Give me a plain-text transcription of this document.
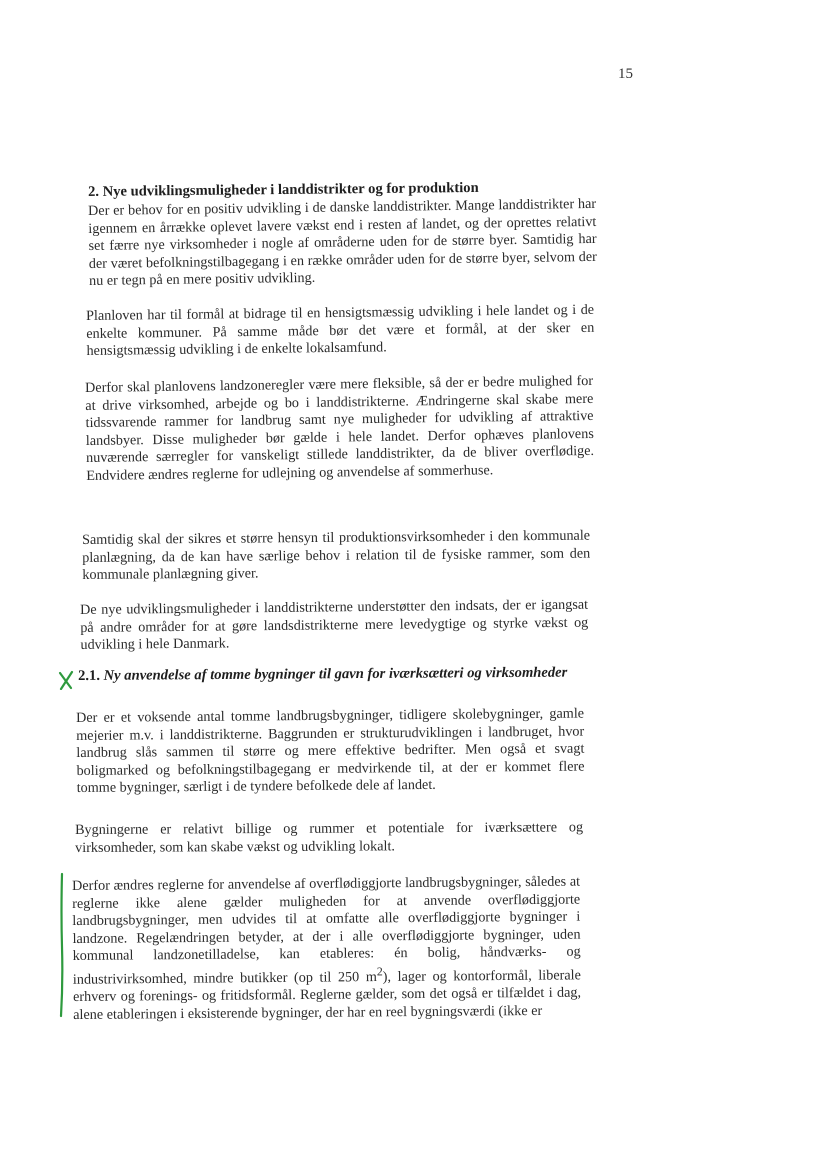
15
2. Nye udviklingsmuligheder i landdistrikter og for produktion

Der er behov for en positiv udvikling i de danske landdistrikter. Mange landdistrikter har igennem en årrække oplevet lavere vækst end i resten af landet, og der oprettes relativt set færre nye virksomheder i nogle af områderne uden for de større byer. Samtidig har der været befolkningstilbagegang i en række områder uden for de større byer, selvom der nu er tegn på en mere positiv udvikling.

Planloven har til formål at bidrage til en hensigtsmæssig udvikling i hele landet og i de enkelte kommuner. På samme måde bør det være et formål, at der sker en hensigtsmæssig udvikling i de enkelte lokalsamfund.

Derfor skal planlovens landzoneregler være mere fleksible, så der er bedre mulighed for at drive virksomhed, arbejde og bo i landdistrikterne. Ændringerne skal skabe mere tidssvarende rammer for landbrug samt nye muligheder for udvikling af attraktive landsbyer. Disse muligheder bør gælde i hele landet. Derfor ophæves planlovens nuværende særregler for vanskeligt stillede landdistrikter, da de bliver overflødige. Endvidere ændres reglerne for udlejning og anvendelse af sommerhuse.

Samtidig skal der sikres et større hensyn til produktionsvirksomheder i den kommunale planlægning, da de kan have særlige behov i relation til de fysiske rammer, som den kommunale planlægning giver.

De nye udviklingsmuligheder i landdistrikterne understøtter den indsats, der er igangsat på andre områder for at gøre landsdistrikterne mere levedygtige og styrke vækst og udvikling i hele Danmark.

2.1. Ny anvendelse af tomme bygninger til gavn for iværksætteri og virksomheder

Der er et voksende antal tomme landbrugsbygninger, tidligere skolebygninger, gamle mejerier m.v. i landdistrikterne. Baggrunden er strukturudviklingen i landbruget, hvor landbrug slås sammen til større og mere effektive bedrifter. Men også et svagt boligmarked og befolkningstilbagegang er medvirkende til, at der er kommet flere tomme bygninger, særligt i de tyndere befolkede dele af landet.

Bygningerne er relativt billige og rummer et potentiale for iværksættere og virksomheder, som kan skabe vækst og udvikling lokalt.

Derfor ændres reglerne for anvendelse af overflødiggjorte landbrugsbygninger, således at reglerne ikke alene gælder muligheden for at anvende overflødiggjorte landbrugsbygninger, men udvides til at omfatte alle overflødiggjorte bygninger i landzone. Regelændringen betyder, at der i alle overflødiggjorte bygninger, uden kommunal landzonetilladelse, kan etableres: én bolig, håndværks- og industrivirksomhed, mindre butikker (op til 250 $m^2$), lager og kontorformål, liberale erhverv og forenings- og fritidsformål. Reglerne gælder, som det også er tilfældet i dag, alene etableringen i eksisterende bygninger, der har en reel bygningsværdi (ikke er
